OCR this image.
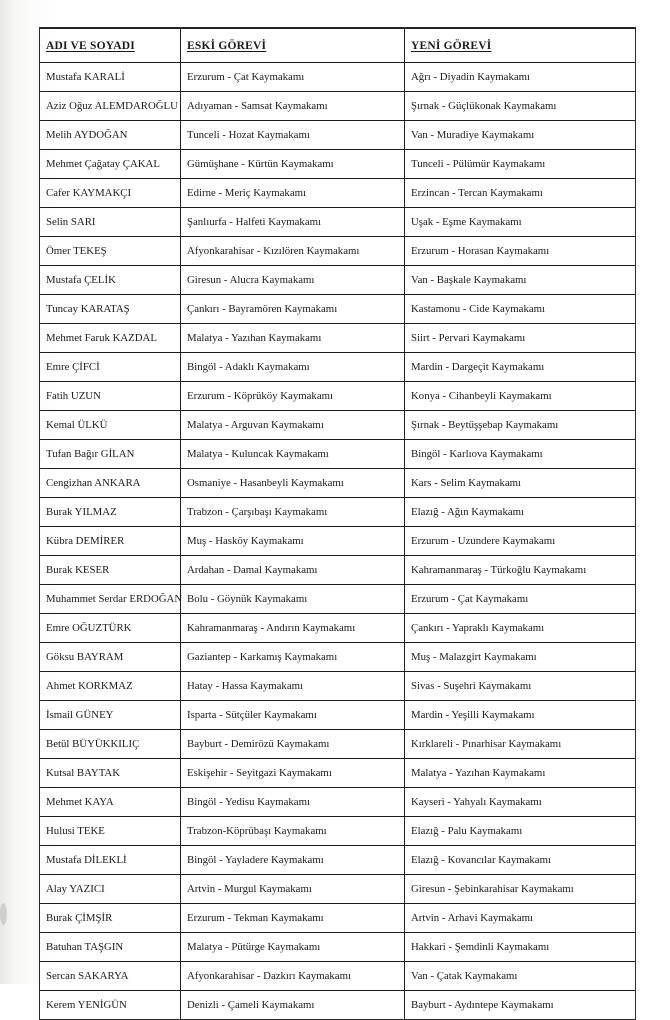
ADI VE SOYADI	ESKİ GÖREVİ	YENİ GÖREVİ
Mustafa KARALİ	Erzurum - Çat Kaymakamı	Ağrı - Diyadin Kaymakamı
Aziz Oğuz ALEMDAROĞLU	Adıyaman - Samsat Kaymakamı	Şırnak - Güçlükonak Kaymakamı
Melih AYDOĞAN	Tunceli - Hozat Kaymakamı	Van - Muradiye Kaymakamı
Mehmet Çağatay ÇAKAL	Gümüşhane - Kürtün Kaymakamı	Tunceli - Pülümür Kaymakamı
Cafer KAYMAKÇI	Edirne - Meriç Kaymakamı	Erzincan - Tercan Kaymakamı
Selin SARI	Şanlıurfa - Halfeti Kaymakamı	Uşak - Eşme Kaymakamı
Ömer TEKEŞ	Afyonkarahisar - Kızılören Kaymakamı	Erzurum - Horasan Kaymakamı
Mustafa ÇELİK	Giresun - Alucra Kaymakamı	Van - Başkale Kaymakamı
Tuncay KARATAŞ	Çankırı - Bayramören Kaymakamı	Kastamonu - Cide Kaymakamı
Mehmet Faruk KAZDAL	Malatya - Yazıhan Kaymakamı	Siirt - Pervari Kaymakamı
Emre ÇİFCİ	Bingöl - Adaklı Kaymakamı	Mardin - Dargeçit Kaymakamı
Fatih UZUN	Erzurum - Köprüköy Kaymakamı	Konya - Cihanbeyli Kaymakamı
Kemal ÜLKÜ	Malatya - Arguvan Kaymakamı	Şırnak - Beytüşşebap Kaymakamı
Tufan Bağır GİLAN	Malatya - Kuluncak Kaymakamı	Bingöl - Karlıova Kaymakamı
Cengizhan ANKARA	Osmaniye - Hasanbeyli Kaymakamı	Kars - Selim Kaymakamı
Burak YILMAZ	Trabzon - Çarşıbaşı Kaymakamı	Elazığ - Ağın Kaymakamı
Kübra DEMİRER	Muş - Hasköy Kaymakamı	Erzurum - Uzundere Kaymakamı
Burak KESER	Ardahan - Damal Kaymakamı	Kahramanmaraş - Türkoğlu Kaymakamı
Muhammet Serdar ERDOĞAN	Bolu - Göynük Kaymakamı	Erzurum - Çat Kaymakamı
Emre OĞUZTÜRK	Kahramanmaraş - Andırın Kaymakamı	Çankırı - Yapraklı Kaymakamı
Göksu BAYRAM	Gaziantep - Karkamış Kaymakamı	Muş - Malazgirt Kaymakamı
Ahmet KORKMAZ	Hatay - Hassa Kaymakamı	Sivas - Suşehri Kaymakamı
İsmail GÜNEY	Isparta - Sütçüler Kaymakamı	Mardin - Yeşilli Kaymakamı
Betül BÜYÜKKILIÇ	Bayburt - Demirözü Kaymakamı	Kırklareli - Pınarhisar Kaymakamı
Kutsal BAYTAK	Eskişehir - Seyitgazi Kaymakamı	Malatya - Yazıhan Kaymakamı
Mehmet KAYA	Bingöl - Yedisu Kaymakamı	Kayseri - Yahyalı Kaymakamı
Hulusi TEKE	Trabzon-Köprübaşı Kaymakamı	Elazığ - Palu Kaymakamı
Mustafa DİLEKLİ	Bingöl - Yayladere Kaymakamı	Elazığ - Kovancılar Kaymakamı
Alay YAZICI	Artvin - Murgul Kaymakamı	Giresun - Şebinkarahisar Kaymakamı
Burak ÇİMŞİR	Erzurum - Tekman Kaymakamı	Artvin - Arhavi Kaymakamı
Batuhan TAŞGIN	Malatya - Pütürge Kaymakamı	Hakkari - Şemdinli Kaymakamı
Sercan SAKARYA	Afyonkarahisar - Dazkırı Kaymakamı	Van - Çatak Kaymakamı
Kerem YENİGÜN	Denizli - Çameli Kaymakamı	Bayburt - Aydıntepe Kaymakamı
